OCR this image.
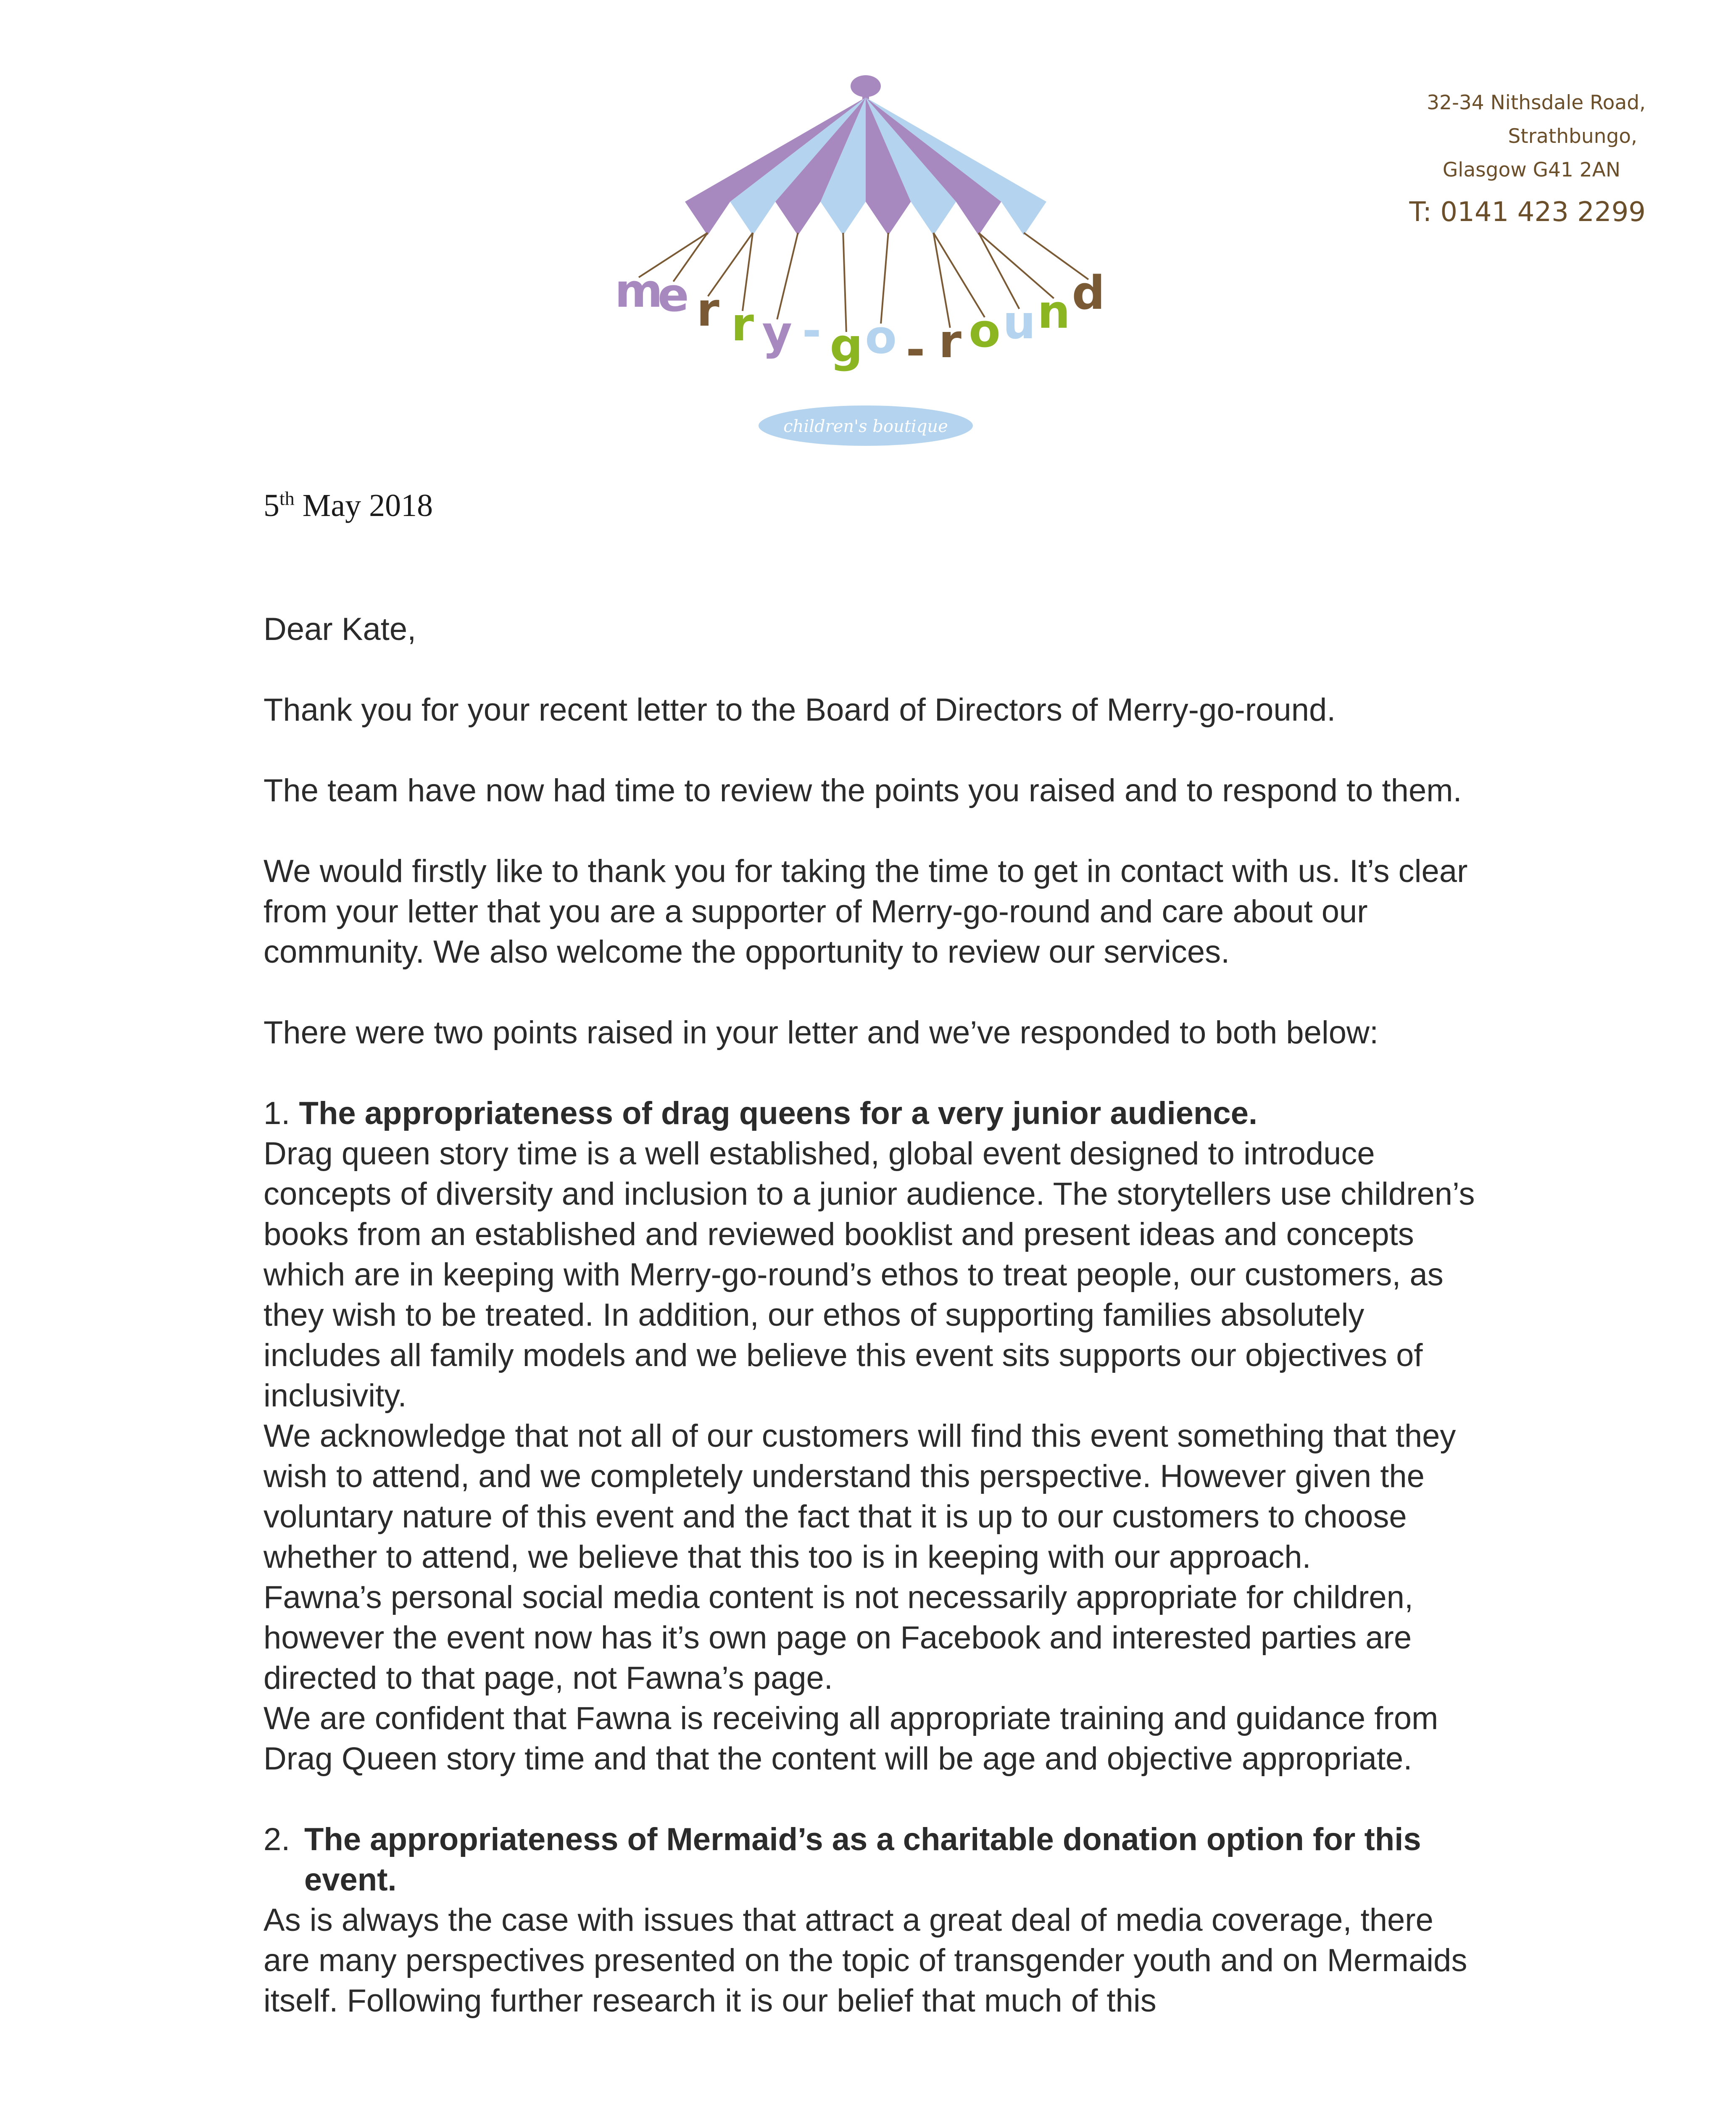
m
e r r y - g o - r o u n d
children's boutique
32-34 Nithsdale Road,
Strathbungo,
Glasgow G41 2AN
T: 0141 423 2299
5th May 2018

Dear Kate,

Thank you for your recent letter to the Board of Directors of Merry-go-round.

The team have now had time to review the points you raised and to respond to them.

We would firstly like to thank you for taking the time to get in contact with us. It’s clear from your letter that you are a supporter of Merry-go-round and care about our community. We also welcome the opportunity to review our services.

There were two points raised in your letter and we’ve responded to both below:

1. The appropriateness of drag queens for a very junior audience.

Drag queen story time is a well established, global event designed to introduce concepts of diversity and inclusion to a junior audience. The storytellers use children’s books from an established and reviewed booklist and present ideas and concepts which are in keeping with Merry-go-round’s ethos to treat people, our customers, as they wish to be treated. In addition, our ethos of supporting families absolutely includes all family models and we believe this event sits supports our objectives of inclusivity.

We acknowledge that not all of our customers will find this event something that they wish to attend, and we completely understand this perspective. However given the voluntary nature of this event and the fact that it is up to our customers to choose whether to attend, we believe that this too is in keeping with our approach.

Fawna’s personal social media content is not necessarily appropriate for children, however the event now has it’s own page on Facebook and interested parties are directed to that page, not Fawna’s page.

We are confident that Fawna is receiving all appropriate training and guidance from Drag Queen story time and that the content will be age and objective appropriate.

2. The appropriateness of Mermaid’s as a charitable donation option for this event.

As is always the case with issues that attract a great deal of media coverage, there are many perspectives presented on the topic of transgender youth and on Mermaids itself. Following further research it is our belief that much of this
